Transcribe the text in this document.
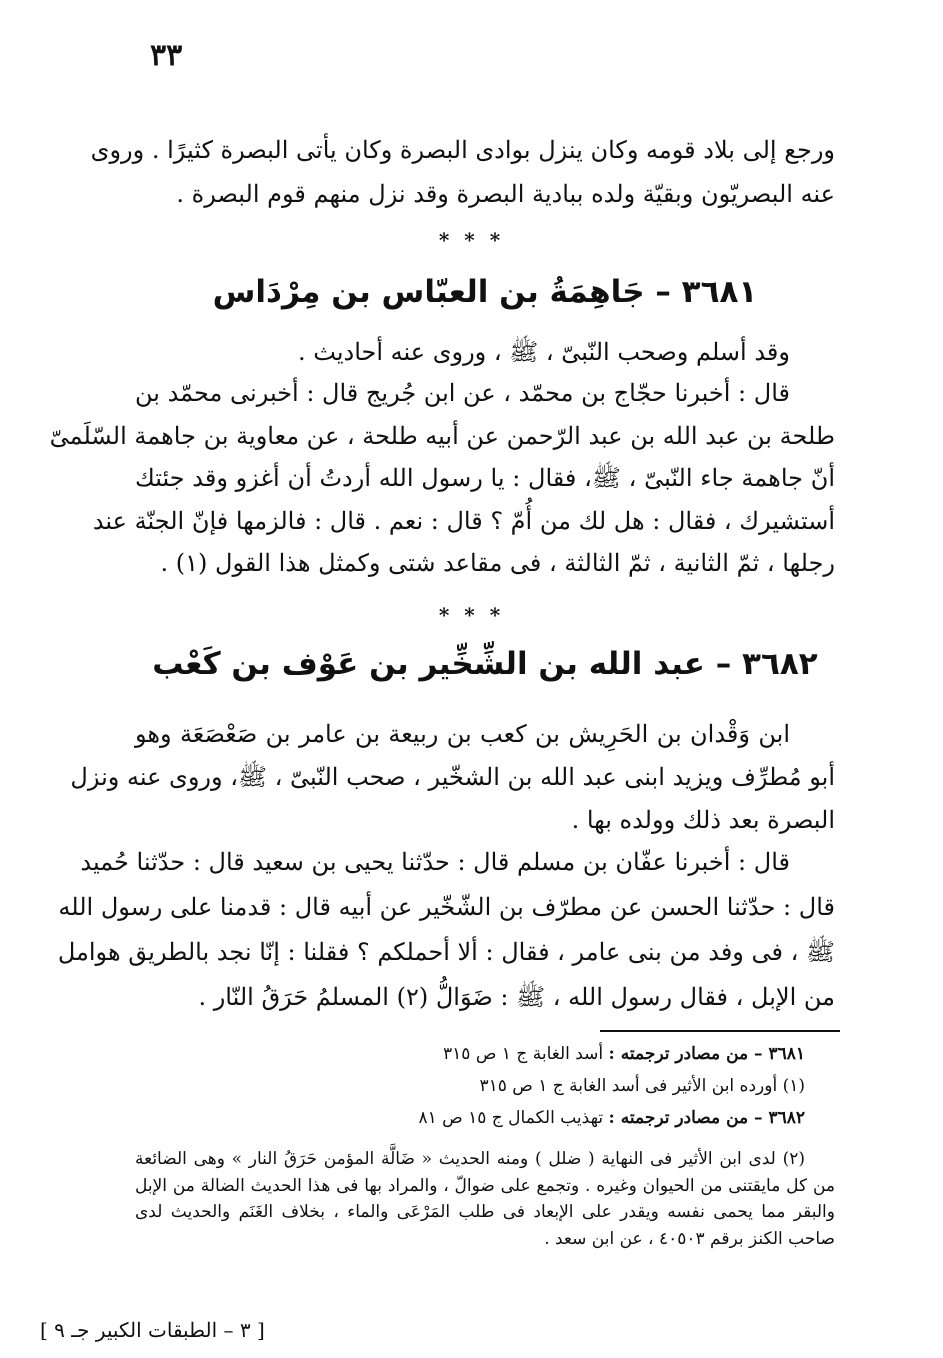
٣٣
ورجع إلى بلاد قومه وكان ينزل بوادى البصرة وكان يأتى البصرة كثيرًا . وروى
عنه البصريّون وبقيّة ولده ببادية البصرة وقد نزل منهم قوم البصرة .
* * *
٣٦٨١ – جَاهِمَةُ بن العبّاس بن مِرْدَاس
وقد أسلم وصحب النّبىّ ، ﷺ ، وروى عنه أحاديث .
قال : أخبرنا حجّاج بن محمّد ، عن ابن جُريج قال : أخبرنى محمّد بن
طلحة بن عبد الله بن عبد الرّحمن عن أبيه طلحة ، عن معاوية بن جاهمة السّلَمىّ
أنّ جاهمة جاء النّبىّ ، ﷺ، فقال : يا رسول الله أردتُ أن أغزو وقد جئتك
أستشيرك ، فقال : هل لك من أُمّ ؟ قال : نعم . قال : فالزمها فإنّ الجنّة عند
رجلها ، ثمّ الثانية ، ثمّ الثالثة ، فى مقاعد شتى وكمثل هذا القول (١) .
* * *
٣٦٨٢ – عبد الله بن الشِّخِّير بن عَوْف بن كَعْب
ابن وَقْدان بن الحَرِيش بن كعب بن ربيعة بن عامر بن صَعْصَعَة وهو
أبو مُطرِّف ويزيد ابنى عبد الله بن الشخّير ، صحب النّبىّ ، ﷺ، وروى عنه ونزل
البصرة بعد ذلك وولده بها .
قال : أخبرنا عفّان بن مسلم قال : حدّثنا يحيى بن سعيد قال : حدّثنا حُميد
قال : حدّثنا الحسن عن مطرّف بن الشّخّير عن أبيه قال : قدمنا على رسول الله
ﷺ ، فى وفد من بنى عامر ، فقال : ألا أحملكم ؟ فقلنا : إنّا نجد بالطريق هوامل
من الإبل ، فقال رسول الله ، ﷺ : ضَوَالُّ (٢) المسلمُ حَرَقُ النّار .
٣٦٨١ – من مصادر ترجمته : أسد الغابة ج ١ ص ٣١٥
(١) أورده ابن الأثير فى أسد الغابة ج ١ ص ٣١٥
٣٦٨٢ – من مصادر ترجمته : تهذيب الكمال ج ١٥ ص ٨١
(٢) لدى ابن الأثير فى النهاية ( ضلل ) ومنه الحديث « ضَالَّة المؤمن حَرَقُ النار » وهى الضائعة
من كل مايقتنى من الحيوان وغيره . وتجمع على ضوالّ ، والمراد بها فى هذا الحديث الضالة من الإبل
والبقر مما يحمى نفسه ويقدر على الإبعاد فى طلب المَرْعَى والماء ، بخلاف الغَنَم والحديث لدى
صاحب الكنز برقم ٤٠٥٠٣ ، عن ابن سعد .
[ ٣ – الطبقات الكبير جـ ٩ ]
